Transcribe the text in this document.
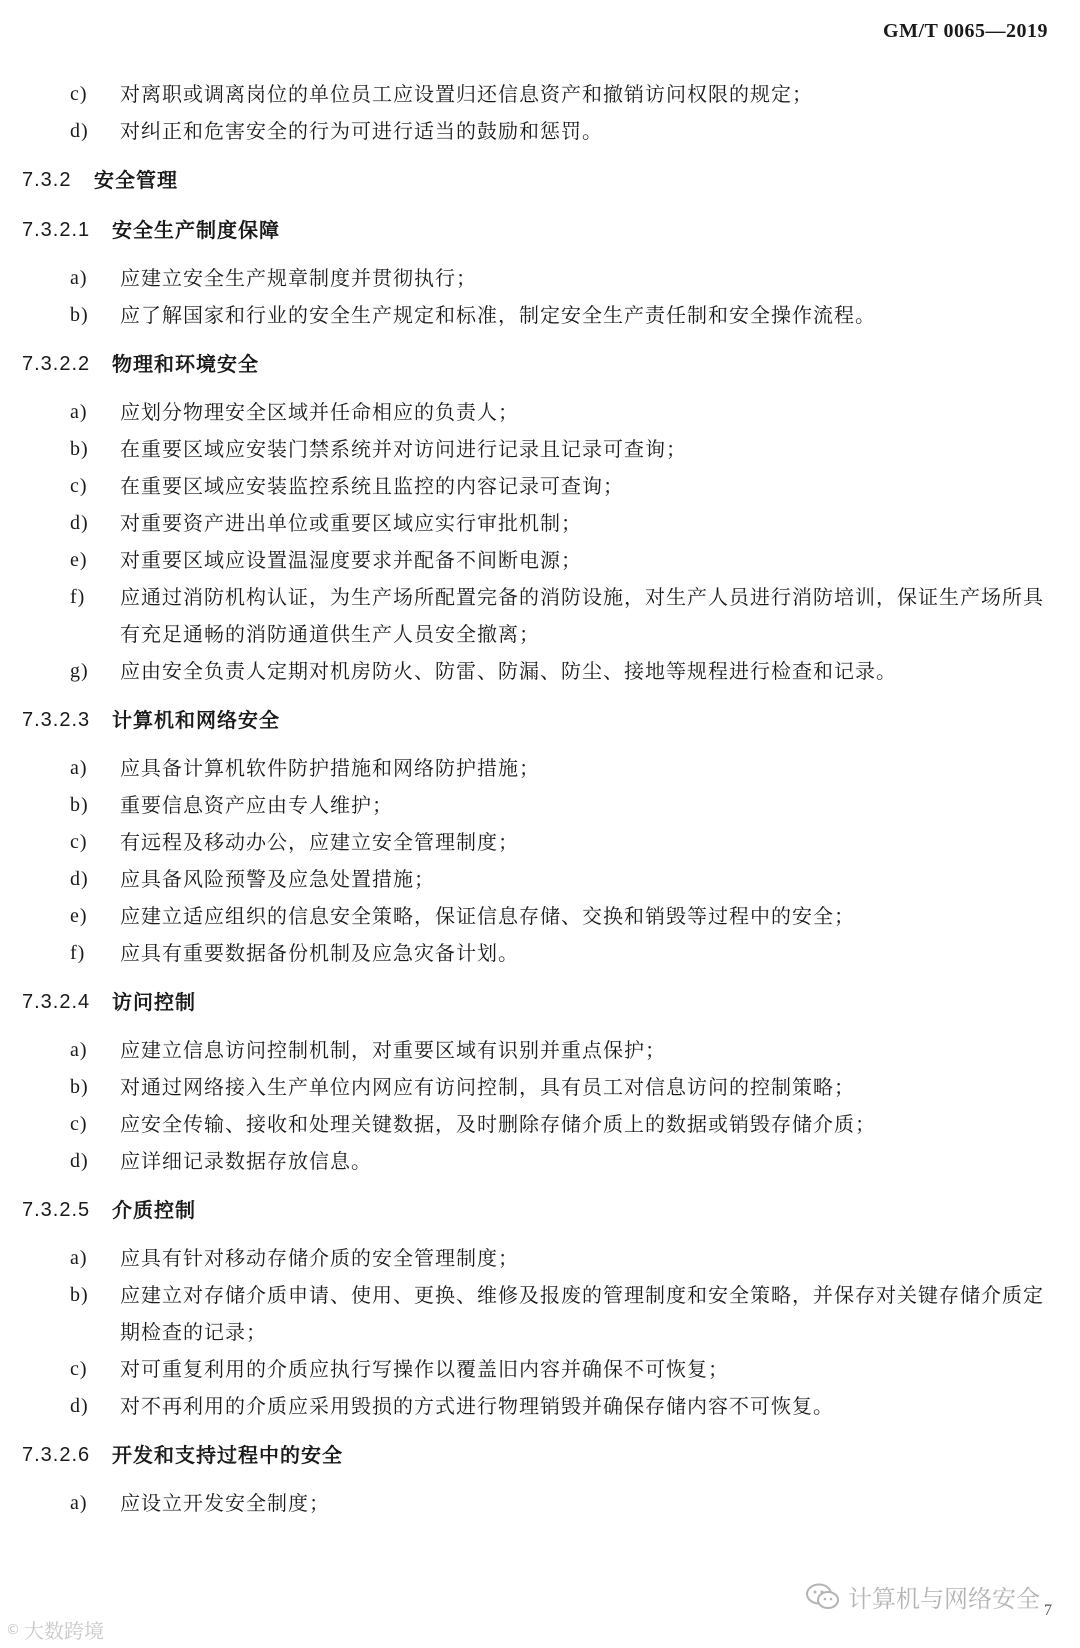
GM/T 0065—2019
c)	对离职或调离岗位的单位员工应设置归还信息资产和撤销访问权限的规定；
d)	对纠正和危害安全的行为可进行适当的鼓励和惩罚。
7.3.2	安全管理
7.3.2.1	安全生产制度保障
a)	应建立安全生产规章制度并贯彻执行；
b)	应了解国家和行业的安全生产规定和标准，制定安全生产责任制和安全操作流程。
7.3.2.2	物理和环境安全
a)	应划分物理安全区域并任命相应的负责人；
b)	在重要区域应安装门禁系统并对访问进行记录且记录可查询；
c)	在重要区域应安装监控系统且监控的内容记录可查询；
d)	对重要资产进出单位或重要区域应实行审批机制；
e)	对重要区域应设置温湿度要求并配备不间断电源；
f)	应通过消防机构认证，为生产场所配置完备的消防设施，对生产人员进行消防培训，保证生产场所具有充足通畅的消防通道供生产人员安全撤离；
g)	应由安全负责人定期对机房防火、防雷、防漏、防尘、接地等规程进行检查和记录。
7.3.2.3	计算机和网络安全
a)	应具备计算机软件防护措施和网络防护措施；
b)	重要信息资产应由专人维护；
c)	有远程及移动办公，应建立安全管理制度；
d)	应具备风险预警及应急处置措施；
e)	应建立适应组织的信息安全策略，保证信息存储、交换和销毁等过程中的安全；
f)	应具有重要数据备份机制及应急灾备计划。
7.3.2.4	访问控制
a)	应建立信息访问控制机制，对重要区域有识别并重点保护；
b)	对通过网络接入生产单位内网应有访问控制，具有员工对信息访问的控制策略；
c)	应安全传输、接收和处理关键数据，及时删除存储介质上的数据或销毁存储介质；
d)	应详细记录数据存放信息。
7.3.2.5	介质控制
a)	应具有针对移动存储介质的安全管理制度；
b)	应建立对存储介质申请、使用、更换、维修及报废的管理制度和安全策略，并保存对关键存储介质定期检查的记录；
c)	对可重复利用的介质应执行写操作以覆盖旧内容并确保不可恢复；
d)	对不再利用的介质应采用毁损的方式进行物理销毁并确保存储内容不可恢复。
7.3.2.6	开发和支持过程中的安全
a)	应设立开发安全制度；
© 大数跨境
计算机与网络安全 7
